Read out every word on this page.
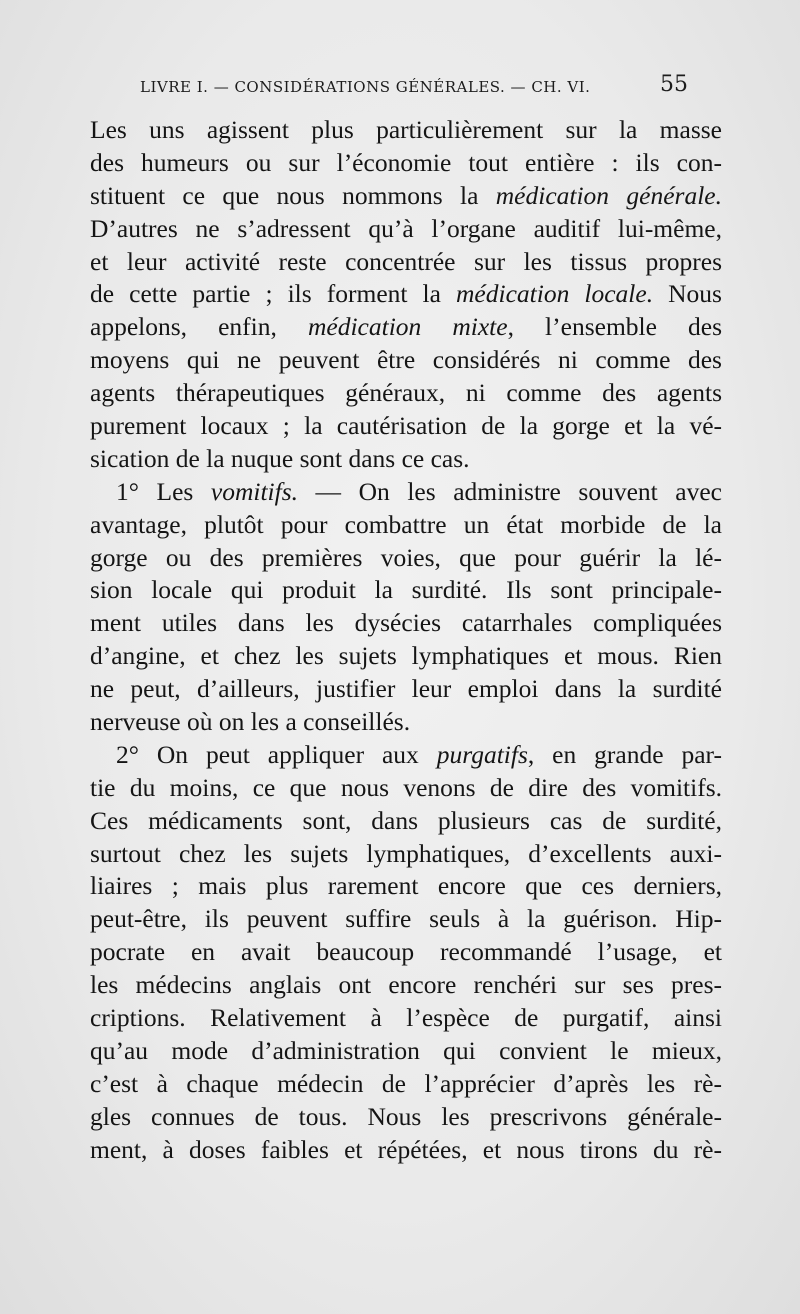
LIVRE I. — CONSIDÉRATIONS GÉNÉRALES. — CH. VI.	55
Les uns agissent plus particulièrement sur la masse
des humeurs ou sur l’économie tout entière : ils con-
stituent ce que nous nommons la médication générale.
D’autres ne s’adressent qu’à l’organe auditif lui-même,
et leur activité reste concentrée sur les tissus propres
de cette partie ; ils forment la médication locale. Nous
appelons, enfin, médication mixte, l’ensemble des
moyens qui ne peuvent être considérés ni comme des
agents thérapeutiques généraux, ni comme des agents
purement locaux ; la cautérisation de la gorge et la vé-
sication de la nuque sont dans ce cas.
1° Les vomitifs. — On les administre souvent avec
avantage, plutôt pour combattre un état morbide de la
gorge ou des premières voies, que pour guérir la lé-
sion locale qui produit la surdité. Ils sont principale-
ment utiles dans les dysécies catarrhales compliquées
d’angine, et chez les sujets lymphatiques et mous. Rien
ne peut, d’ailleurs, justifier leur emploi dans la surdité
nerveuse où on les a conseillés.
2° On peut appliquer aux purgatifs, en grande par-
tie du moins, ce que nous venons de dire des vomitifs.
Ces médicaments sont, dans plusieurs cas de surdité,
surtout chez les sujets lymphatiques, d’excellents auxi-
liaires ; mais plus rarement encore que ces derniers,
peut-être, ils peuvent suffire seuls à la guérison. Hip-
pocrate en avait beaucoup recommandé l’usage, et
les médecins anglais ont encore renchéri sur ses pres-
criptions. Relativement à l’espèce de purgatif, ainsi
qu’au mode d’administration qui convient le mieux,
c’est à chaque médecin de l’apprécier d’après les rè-
gles connues de tous. Nous les prescrivons générale-
ment, à doses faibles et répétées, et nous tirons du rè-
